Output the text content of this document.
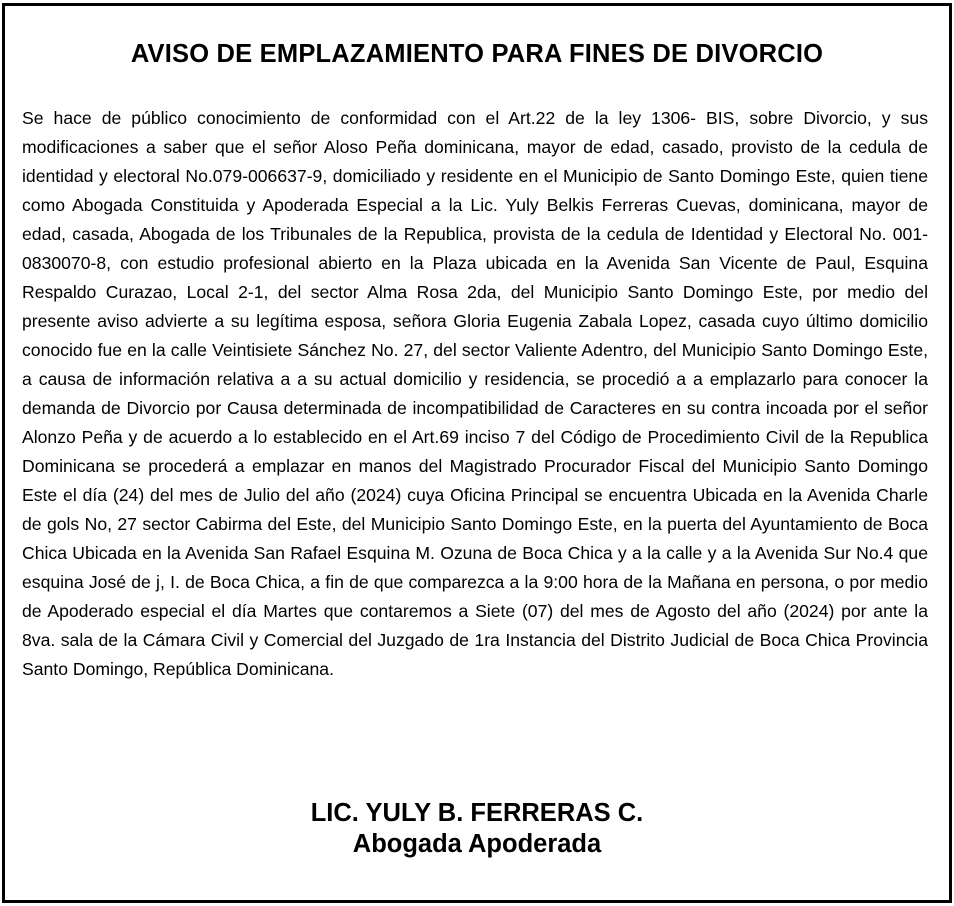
AVISO DE EMPLAZAMIENTO PARA FINES DE DIVORCIO

Se hace de público conocimiento de conformidad con el Art.22 de la ley 1306- BIS, sobre Divorcio, y sus modificaciones a saber que el señor Aloso Peña dominicana, mayor de edad, casado, provisto de la cedula de identidad y electoral No.079-006637-9, domiciliado y residente en el Municipio de Santo Domingo Este, quien tiene como Abogada Constituida y Apoderada Especial a la Lic. Yuly Belkis Ferreras Cuevas, dominicana, mayor de edad, casada, Abogada de los Tribunales de la Republica, provista de la cedula de Identidad y Electoral No. 001-0830070-8, con estudio profesional abierto en la Plaza ubicada en la Avenida San Vicente de Paul, Esquina Respaldo Curazao, Local 2-1, del sector Alma Rosa 2da, del Municipio Santo Domingo Este, por medio del presente aviso advierte a su legítima esposa, señora Gloria Eugenia Zabala Lopez, casada cuyo último domicilio conocido fue en la calle Veintisiete Sánchez No. 27, del sector Valiente Adentro, del Municipio Santo Domingo Este, a causa de información relativa a a su actual domicilio y residencia, se procedió a a emplazarlo para conocer la demanda de Divorcio por Causa determinada de incompatibilidad de Caracteres en su contra incoada por el señor Alonzo Peña y de acuerdo a lo establecido en el Art.69 inciso 7 del Código de Procedimiento Civil de la Republica Dominicana se procederá a emplazar en manos del Magistrado Procurador Fiscal del Municipio Santo Domingo Este el día (24) del mes de Julio del año (2024) cuya Oficina Principal se encuentra Ubicada en la Avenida Charle de gols No, 27 sector Cabirma del Este, del Municipio Santo Domingo Este, en la puerta del Ayuntamiento de Boca Chica Ubicada en la Avenida San Rafael Esquina M. Ozuna de Boca Chica y a la calle y a la Avenida Sur No.4 que esquina José de j, I. de Boca Chica, a fin de que comparezca a la 9:00 hora de la Mañana en persona, o por medio de Apoderado especial el día Martes que contaremos a Siete (07) del mes de Agosto del año (2024) por ante la 8va. sala de la Cámara Civil y Comercial del Juzgado de 1ra Instancia del Distrito Judicial de Boca Chica Provincia Santo Domingo, República Dominicana.

LIC. YULY B. FERRERAS C.
Abogada Apoderada
